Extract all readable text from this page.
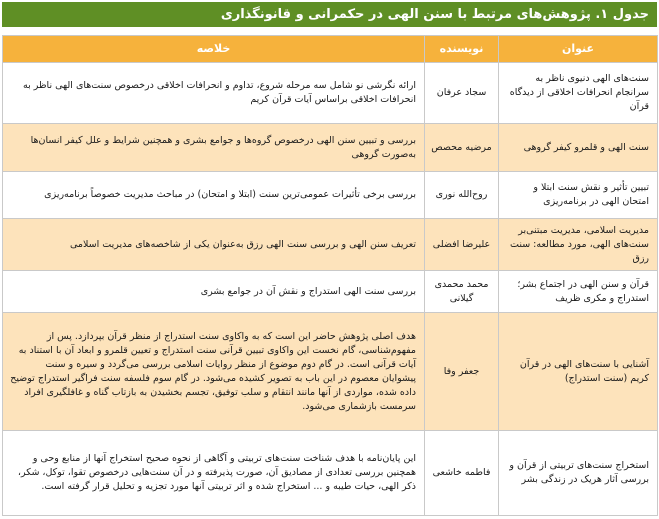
جدول ۱. پژوهش‌های مرتبط با سنن الهی در حکمرانی و قانونگذاری
عنوان	نویسنده	خلاصه
سنت‌های الهی دنیوی ناظر به سرانجام انحرافات اخلاقی از دیدگاه قرآن	سجاد عرفان	ارائه نگرشی نو شامل سه مرحله شروع، تداوم و انحرافات اخلاقی درخصوص سنت‌های الهی ناظر به انحرافات اخلاقی براساس آیات قرآن کریم
سنت الهی و قلمرو کیفر گروهی	مرضیه محصص	بررسی و تبیین سنن الهی درخصوص گروه‌ها و جوامع بشری و همچنین شرایط و علل کیفر انسان‌ها به‌صورت گروهی
تبیین تأثیر و نقش سنت ابتلا و امتحان الهی در برنامه‌ریزی	روح‌الله نوری	بررسی برخی تأثیرات عمومی‌ترین سنت (ابتلا و امتحان) در مباحث مدیریت خصوصاً برنامه‌ریزی
مدیریت اسلامی، مدیریت مبتنی‌بر سنت‌های الهی، مورد مطالعه: سنت رزق	علیرضا افضلی	تعریف سنن الهی و بررسی سنت الهی رزق به‌عنوان یکی از شاخصه‌های مدیریت اسلامی
قرآن و سنن الهی در اجتماع بشر؛ استدراج و مکری ظریف	محمد محمدی گیلانی	بررسی سنت الهی استدراج و نقش آن در جوامع بشری
آشنایی با سنت‌های الهی در قرآن کریم (سنت استدراج)	جعفر وفا	هدف اصلی پژوهش حاضر این است که به واکاوی سنت استدراج از منظر قرآن بپردازد. پس از مفهوم‌شناسی، گام نخست این واکاوی تبیین قرآنی سنت استدراج و تعیین قلمرو و ابعاد آن با استناد به آیات قرآنی است. در گام دوم موضوع از منظر روایات اسلامی بررسی می‌گردد و سیره و سنت پیشوایان معصوم در این باب به تصویر کشیده می‌شود. در گام سوم فلسفه سنت فراگیر استدراج توضیح داده شده، مواردی از آنها مانند انتقام و سلب توفیق، تجسم بخشیدن به بازتاب گناه و غافلگیری افراد سرمست بازشماری می‌شود.
استخراج سنت‌های تربیتی از قرآن و بررسی آثار هریک در زندگی بشر	فاطمه خاشعی	این پایان‌نامه با هدف شناخت سنت‌های تربیتی و آگاهی از نحوه صحیح استخراج آنها از منابع وحی و همچنین بررسی تعدادی از مصادیق آن، صورت پذیرفته و در آن سنت‌هایی درخصوص تقوا، توکل، شکر، ذکر الهی، حیات طیبه و ... استخراج شده و اثر تربیتی آنها مورد تجزیه و تحلیل قرار گرفته است.
